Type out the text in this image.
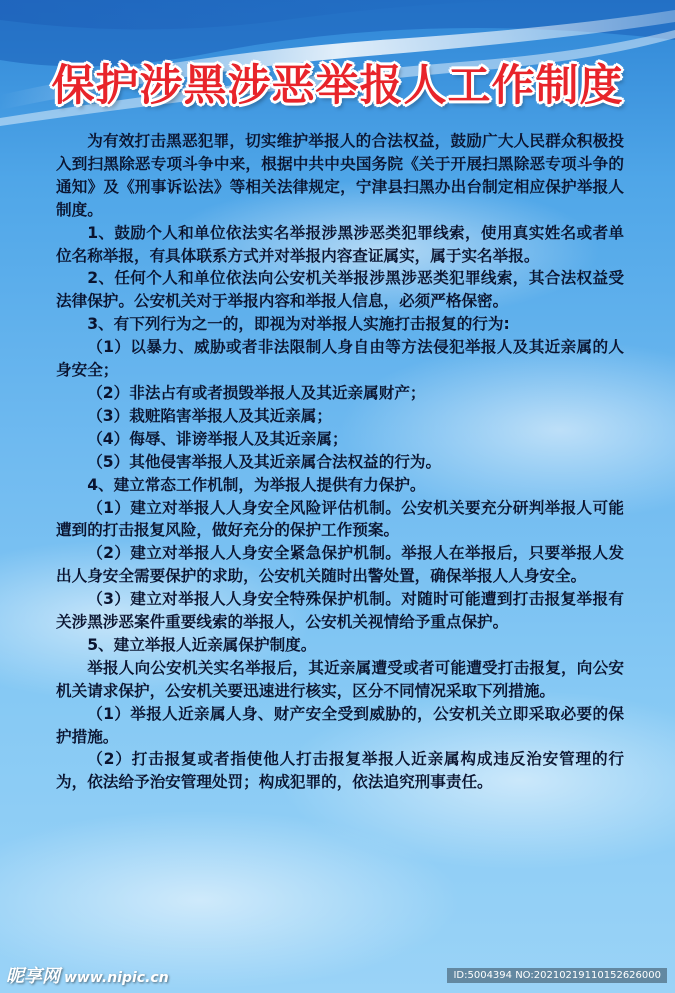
保护涉黑涉恶举报人工作制度

为有效打击黑恶犯罪，切实维护举报人的合法权益，鼓励广大人民群众积极投入到扫黑除恶专项斗争中来，根据中共中央国务院《关于开展扫黑除恶专项斗争的通知》及《刑事诉讼法》等相关法律规定，宁津县扫黑办出台制定相应保护举报人制度。

1、鼓励个人和单位依法实名举报涉黑涉恶类犯罪线索，使用真实姓名或者单位名称举报，有具体联系方式并对举报内容查证属实，属于实名举报。

2、任何个人和单位依法向公安机关举报涉黑涉恶类犯罪线索，其合法权益受法律保护。公安机关对于举报内容和举报人信息，必须严格保密。

3、有下列行为之一的，即视为对举报人实施打击报复的行为:

（1）以暴力、威胁或者非法限制人身自由等方法侵犯举报人及其近亲属的人身安全；

（2）非法占有或者损毁举报人及其近亲属财产；

（3）栽赃陷害举报人及其近亲属；

（4）侮辱、诽谤举报人及其近亲属；

（5）其他侵害举报人及其近亲属合法权益的行为。

4、建立常态工作机制，为举报人提供有力保护。

（1）建立对举报人人身安全风险评估机制。公安机关要充分研判举报人可能遭到的打击报复风险，做好充分的保护工作预案。

（2）建立对举报人人身安全紧急保护机制。举报人在举报后，只要举报人发出人身安全需要保护的求助，公安机关随时出警处置，确保举报人人身安全。

（3）建立对举报人人身安全特殊保护机制。对随时可能遭到打击报复举报有关涉黑涉恶案件重要线索的举报人，公安机关视情给予重点保护。

5、建立举报人近亲属保护制度。

举报人向公安机关实名举报后，其近亲属遭受或者可能遭受打击报复，向公安机关请求保护，公安机关要迅速进行核实，区分不同情况采取下列措施。

（1）举报人近亲属人身、财产安全受到威胁的，公安机关立即采取必要的保护措施。

（2）打击报复或者指使他人打击报复举报人近亲属构成违反治安管理的行为，依法给予治安管理处罚；构成犯罪的，依法追究刑事责任。

昵享网 www.nipic.cn	ID:5004394 NO:20210219110152626000
